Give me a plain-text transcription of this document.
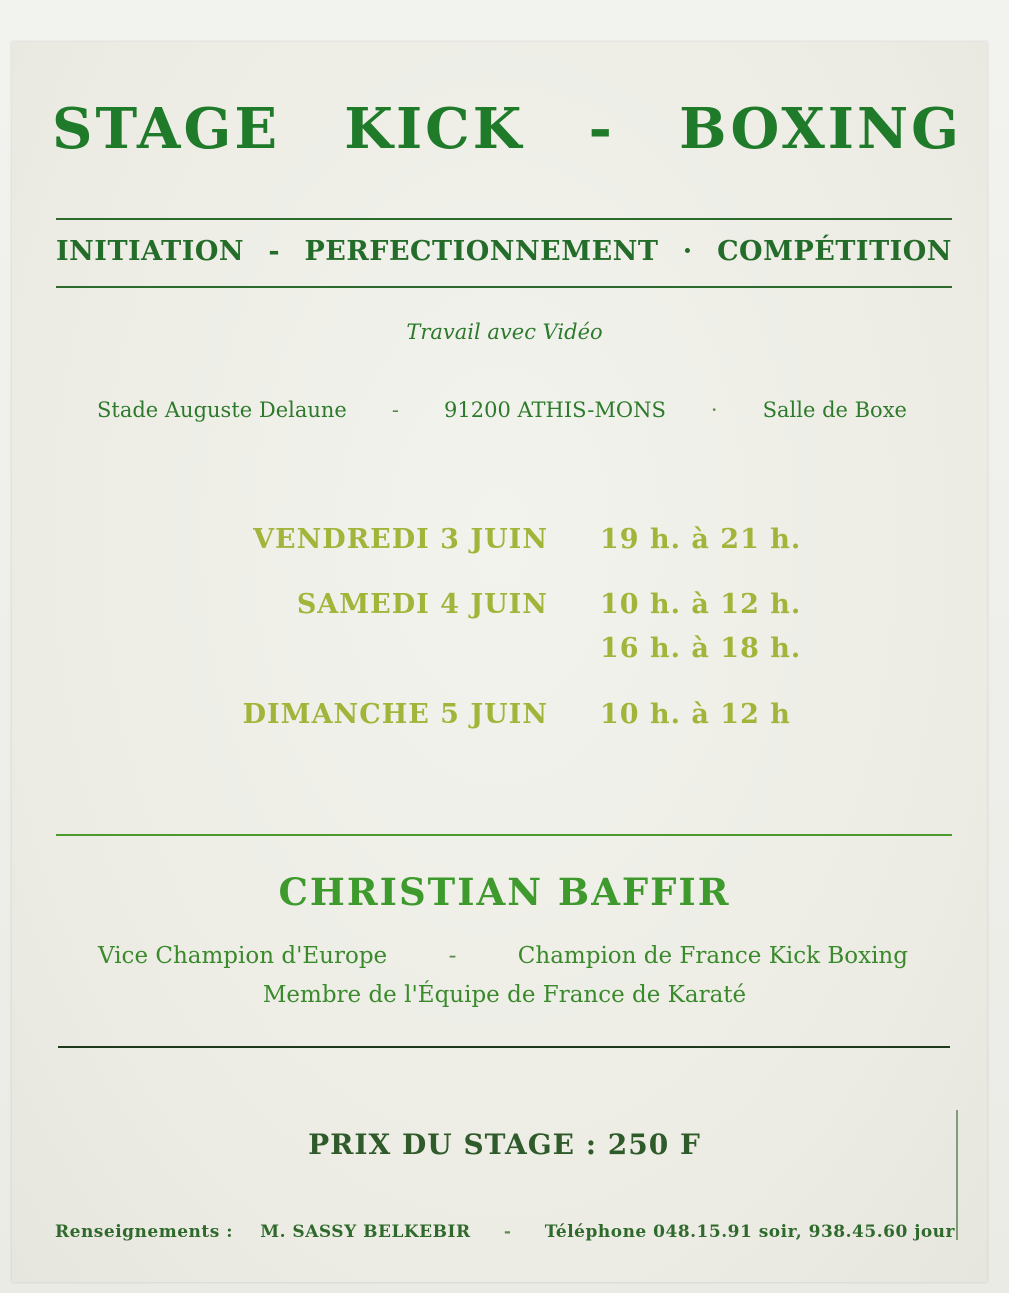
STAGE KICK - BOXING
INITIATION - PERFECTIONNEMENT · COMPÉTITION
Travail avec Vidéo
Stade Auguste Delaune - 91200 ATHIS-MONS · Salle de Boxe
VENDREDI 3 JUIN 19 h. à 21 h.
SAMEDI 4 JUIN 10 h. à 12 h.
16 h. à 18 h.
DIMANCHE 5 JUIN 10 h. à 12 h
CHRISTIAN BAFFIR
Vice Champion d'Europe	-	Champion de France Kick Boxing
Membre de l'Équipe de France de Karaté
PRIX DU STAGE : 250 F
Renseignements : M. SASSY BELKEBIR - Téléphone 048.15.91 soir, 938.45.60 jour
